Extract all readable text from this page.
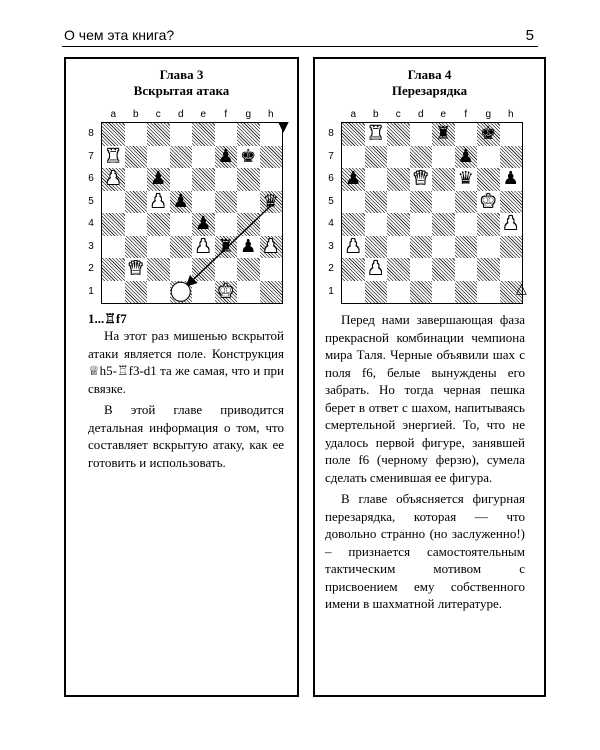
О чем эта книга?	5
Глава 3
Вскрытая атака
a	b	c	d	e	f	g	h
8
7
6
5
4
3
2
1
♜	♟ ♚
♟ ♟
♟ ♟	♛
♟
♟ ♜ ♟ ♟
♛
♚
▼
1...♖f7

На этот раз мишенью вскрытой атаки является поле. Конструкция ♕h5-♖f3-d1 та же самая, что и при связке.

В этой главе приводится детальная информация о том, что составляет вскрытую атаку, как ее готовить и использовать.

Глава 4
Перезарядка
a	b	c	d	e	f	g	h
8
7
6
5
4
3
2
1
♜	♜ ♚
♟
♟	♛ ♛ ♟
♚
♟
♟
♟
△

Перед нами завершающая фаза прекрасной комбинации чемпиона мира Таля. Черные объявили шах с поля f6, белые вынуждены его забрать. Но тогда черная пешка берет в ответ с шахом, напитываясь смертельной энергией. То, что не удалось первой фигуре, занявшей поле f6 (черному ферзю), сумела сделать сменившая ее фигура.

В главе объясняется фигурная перезарядка, которая — что довольно странно (но заслуженно!) – признается самостоятельным тактическим мотивом с присвоением ему собственного имени в шахматной литературе.
